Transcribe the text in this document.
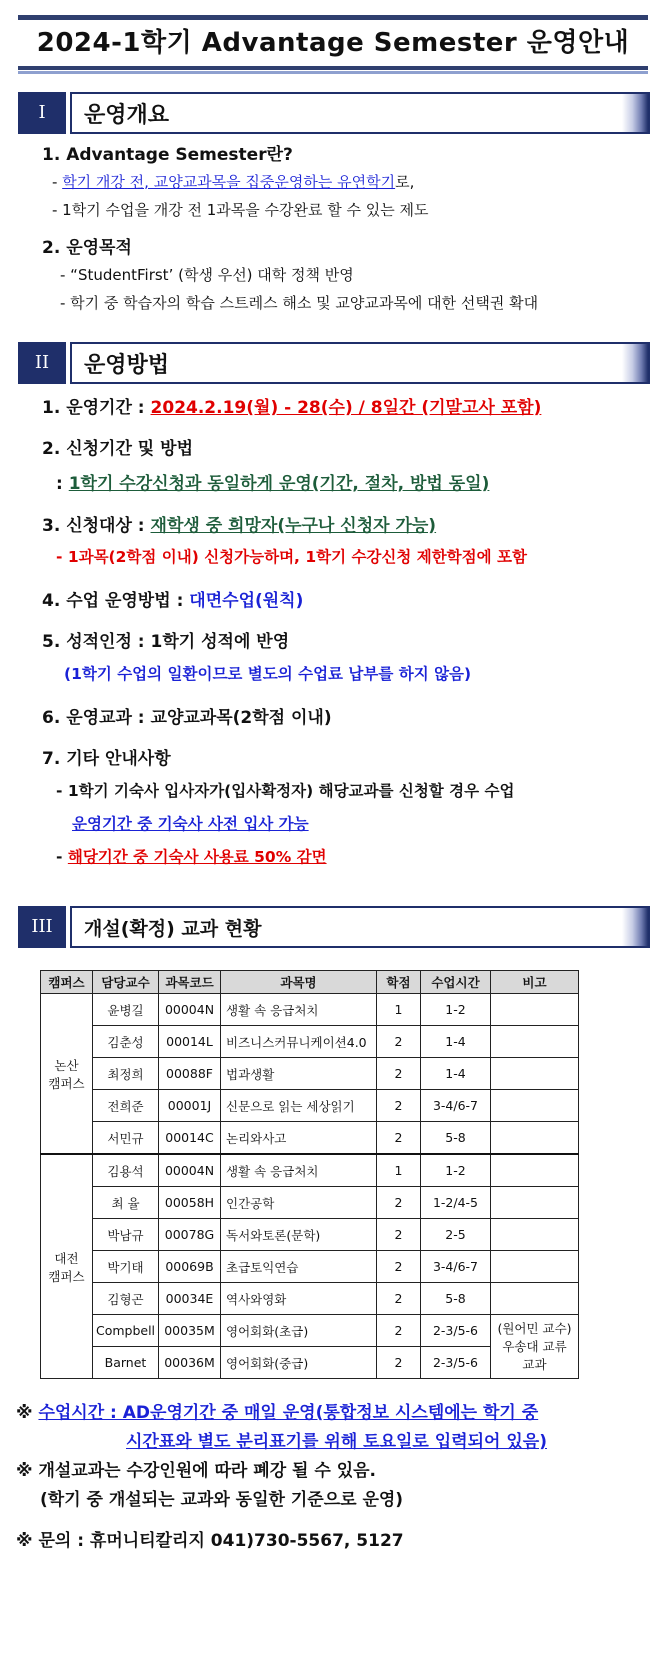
2024-1학기 Advantage Semester 운영안내
I	운영개요
1. Advantage Semester란?
- 학기 개강 전, 교양교과목을 집중운영하는 유연학기로,
- 1학기 수업을 개강 전 1과목을 수강완료 할 수 있는 제도
2. 운영목적
- “StudentFirst’ (학생 우선) 대학 정책 반영
- 학기 중 학습자의 학습 스트레스 해소 및 교양교과목에 대한 선택권 확대
II	운영방법
1. 운영기간 : 2024.2.19(월) - 28(수) / 8일간 (기말고사 포함)
2. 신청기간 및 방법
: 1학기 수강신청과 동일하게 운영(기간, 절차, 방법 동일)
3. 신청대상 : 재학생 중 희망자(누구나 신청자 가능)
- 1과목(2학점 이내) 신청가능하며, 1학기 수강신청 제한학점에 포함
4. 수업 운영방법 : 대면수업(원칙)
5. 성적인정 : 1학기 성적에 반영
(1학기 수업의 일환이므로 별도의 수업료 납부를 하지 않음)
6. 운영교과 : 교양교과목(2학점 이내)
7. 기타 안내사항
- 1학기 기숙사 입사자가(입사확정자) 해당교과를 신청할 경우 수업
운영기간 중 기숙사 사전 입사 가능
- 해당기간 중 기숙사 사용료 50% 감면
III	개설(확정) 교과 현황
캠퍼스	담당교수	과목코드	과목명	학점	수업시간	비고
논산
캠퍼스	윤병길	00004N	생활 속 응급처치	1	1-2	
	김춘성	00014L	비즈니스커뮤니케이션4.0	2	1-4	
	최정희	00088F	법과생활	2	1-4	
	전희준	00001J	신문으로 읽는 세상읽기	2	3-4/6-7	
	서민규	00014C	논리와사고	2	5-8	
대전
캠퍼스	김용석	00004N	생활 속 응급처치	1	1-2	
	최 율	00058H	인간공학	2	1-2/4-5	
	박남규	00078G	독서와토론(문학)	2	2-5	
	박기태	00069B	초급토익연습	2	3-4/6-7	
	김형곤	00034E	역사와영화	2	5-8	
	Compbell	00035M	영어회화(초급)	2	2-3/5-6	(원어민 교수)
우송대 교류
교과
	Barnet	00036M	영어회화(중급)	2	2-3/5-6	
※ 수업시간 : AD운영기간 중 매일 운영(통합정보 시스템에는 학기 중
시간표와 별도 분리표기를 위해 토요일로 입력되어 있음)
※ 개설교과는 수강인원에 따라 폐강 될 수 있음.
(학기 중 개설되는 교과와 동일한 기준으로 운영)
※ 문의 : 휴머니티칼리지 041)730-5567, 5127
